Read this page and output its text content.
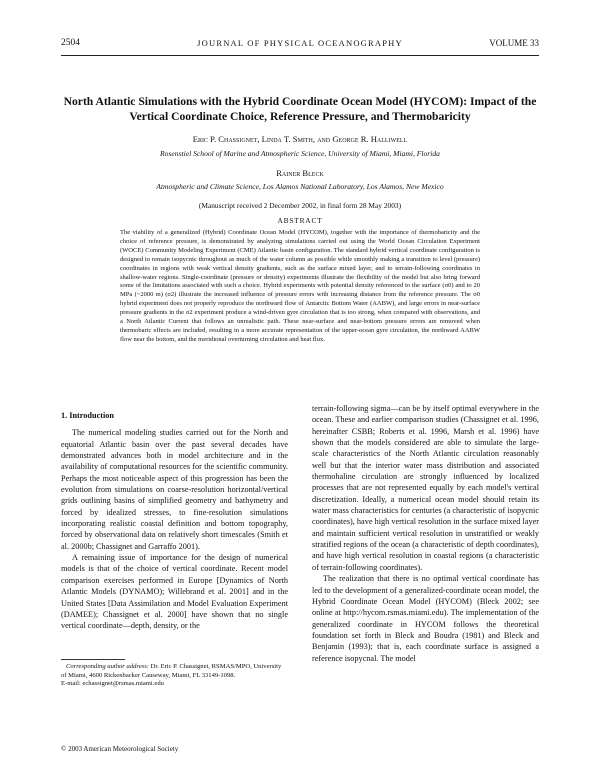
2504	JOURNAL OF PHYSICAL OCEANOGRAPHY	VOLUME 33
North Atlantic Simulations with the Hybrid Coordinate Ocean Model (HYCOM): Impact of the Vertical Coordinate Choice, Reference Pressure, and Thermobaricity
Eric P. Chassignet, Linda T. Smith, and George R. Halliwell
Rosenstiel School of Marine and Atmospheric Science, University of Miami, Miami, Florida
Rainer Bleck
Atmospheric and Climate Science, Los Alamos National Laboratory, Los Alamos, New Mexico
(Manuscript received 2 December 2002, in final form 28 May 2003)
ABSTRACT
The viability of a generalized (Hybrid) Coordinate Ocean Model (HYCOM), together with the importance of thermobaricity and the choice of reference pressure, is demonstrated by analyzing simulations carried out using the World Ocean Circulation Experiment (WOCE) Community Modeling Experiment (CME) Atlantic basin configuration. The standard hybrid vertical coordinate configuration is designed to remain isopycnic throughout as much of the water column as possible while smoothly making a transition to level (pressure) coordinates in regions with weak vertical density gradients, such as the surface mixed layer, and to terrain-following coordinates in shallow-water regions. Single-coordinate (pressure or density) experiments illustrate the flexibility of the model but also bring forward some of the limitations associated with such a choice. Hybrid experiments with potential density referenced to the surface (σ0) and to 20 MPa (~2000 m) (σ2) illustrate the increased influence of pressure errors with increasing distance from the reference pressure. The σ0 hybrid experiment does not properly reproduce the northward flow of Antarctic Bottom Water (AABW), and large errors in near-surface pressure gradients in the σ2 experiment produce a wind-driven gyre circulation that is too strong, when compared with observations, and a North Atlantic Current that follows an unrealistic path. These near-surface and near-bottom pressure errors are removed when thermobaric effects are included, resulting in a more accurate representation of the upper-ocean gyre circulation, the northward AABW flow near the bottom, and the meridional overturning circulation and heat flux.

1. Introduction

The numerical modeling studies carried out for the North and equatorial Atlantic basin over the past several decades have demonstrated advances both in model architecture and in the availability of computational resources for the scientific community. Perhaps the most noticeable aspect of this progression has been the evolution from simulations on coarse-resolution horizontal/vertical grids outlining basins of simplified geometry and bathymetry and forced by idealized stresses, to fine-resolution simulations incorporating realistic coastal definition and bottom topography, forced by observational data on relatively short timescales (Smith et al. 2000b; Chassignet and Garraffo 2001).

A remaining issue of importance for the design of numerical models is that of the choice of vertical coordinate. Recent model comparison exercises performed in Europe [Dynamics of North Atlantic Models (DYNAMO); Willebrand et al. 2001] and in the United States [Data Assimilation and Model Evaluation Experiment (DAMEE); Chassignet et al. 2000] have shown that no single vertical coordinate—depth, density, or the

terrain-following sigma—can be by itself optimal everywhere in the ocean. These and earlier comparison studies (Chassignet et al. 1996, hereinafter CSBB; Roberts et al. 1996, Marsh et al. 1996) have shown that the models considered are able to simulate the large-scale characteristics of the North Atlantic circulation reasonably well but that the interior water mass distribution and associated thermohaline circulation are strongly influenced by localized processes that are not represented equally by each model's vertical discretization. Ideally, a numerical ocean model should retain its water mass characteristics for centuries (a characteristic of isopycnic coordinates), have high vertical resolution in the surface mixed layer and maintain sufficient vertical resolution in unstratified or weakly stratified regions of the ocean (a characteristic of depth coordinates), and have high vertical resolution in coastal regions (a characteristic of terrain-following coordinates).

The realization that there is no optimal vertical coordinate has led to the development of a generalized-coordinate ocean model, the Hybrid Coordinate Ocean Model (HYCOM) (Bleck 2002; see online at http://hycom.rsmas.miami.edu). The implementation of the generalized coordinate in HYCOM follows the theoretical foundation set forth in Bleck and Boudra (1981) and Bleck and Benjamin (1993); that is, each coordinate surface is assigned a reference isopycnal. The model

Corresponding author address: Dr. Eric P. Chassignet, RSMAS/MPO, University of Miami, 4600 Rickenbacker Causeway, Miami, FL 33149-1098.
E-mail: echassignet@rsmas.miami.edu
© 2003 American Meteorological Society
